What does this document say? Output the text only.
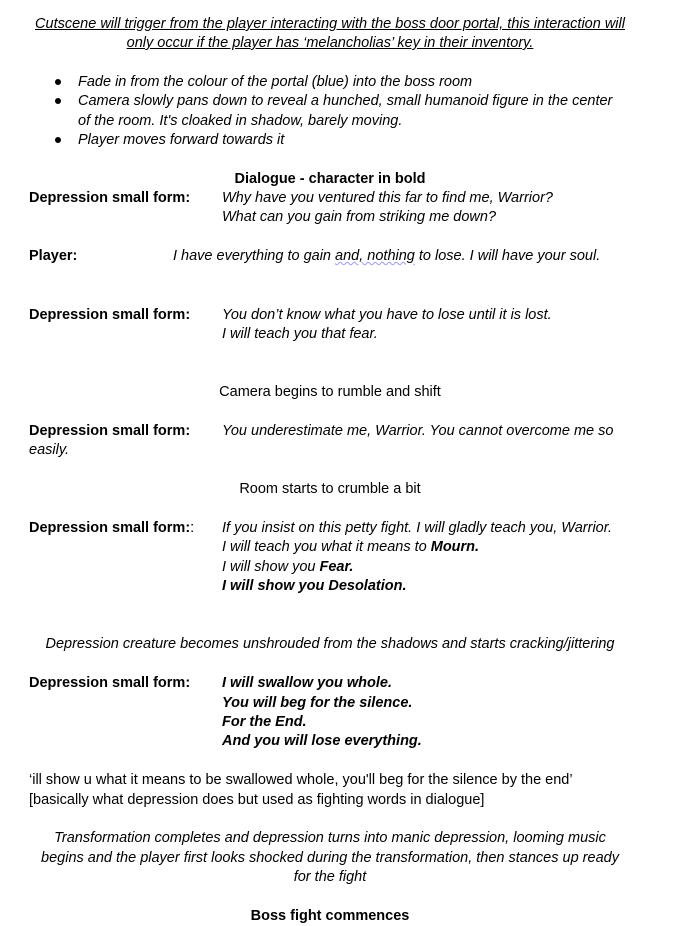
Cutscene will trigger from the player interacting with the boss door portal, this interaction will
only occur if the player has ‘melancholias’ key in their inventory.
Fade in from the colour of the portal (blue) into the boss room
Camera slowly pans down to reveal a hunched, small humanoid figure in the center
of the room. It's cloaked in shadow, barely moving.
Player moves forward towards it
Dialogue - character in bold
Depression small form: Why have you ventured this far to find me, Warrior?
What can you gain from striking me down?
Player:	I have everything to gain and, nothing to lose. I will have your soul.
Depression small form: You don’t know what you have to lose until it is lost.
I will teach you that fear.
Camera begins to rumble and shift
Depression small form: You underestimate me, Warrior. You cannot overcome me so
easily.
Room starts to crumble a bit
Depression small form:: If you insist on this petty fight. I will gladly teach you, Warrior.
I will teach you what it means to Mourn.
I will show you Fear.
I will show you Desolation.
Depression creature becomes unshrouded from the shadows and starts cracking/jittering
Depression small form: I will swallow you whole.
You will beg for the silence.
For the End.
And you will lose everything.
‘ill show u what it means to be swallowed whole, you'll beg for the silence by the end’
[basically what depression does but used as fighting words in dialogue]
Transformation completes and depression turns into manic depression, looming music
begins and the player first looks shocked during the transformation, then stances up ready
for the fight
Boss fight commences
